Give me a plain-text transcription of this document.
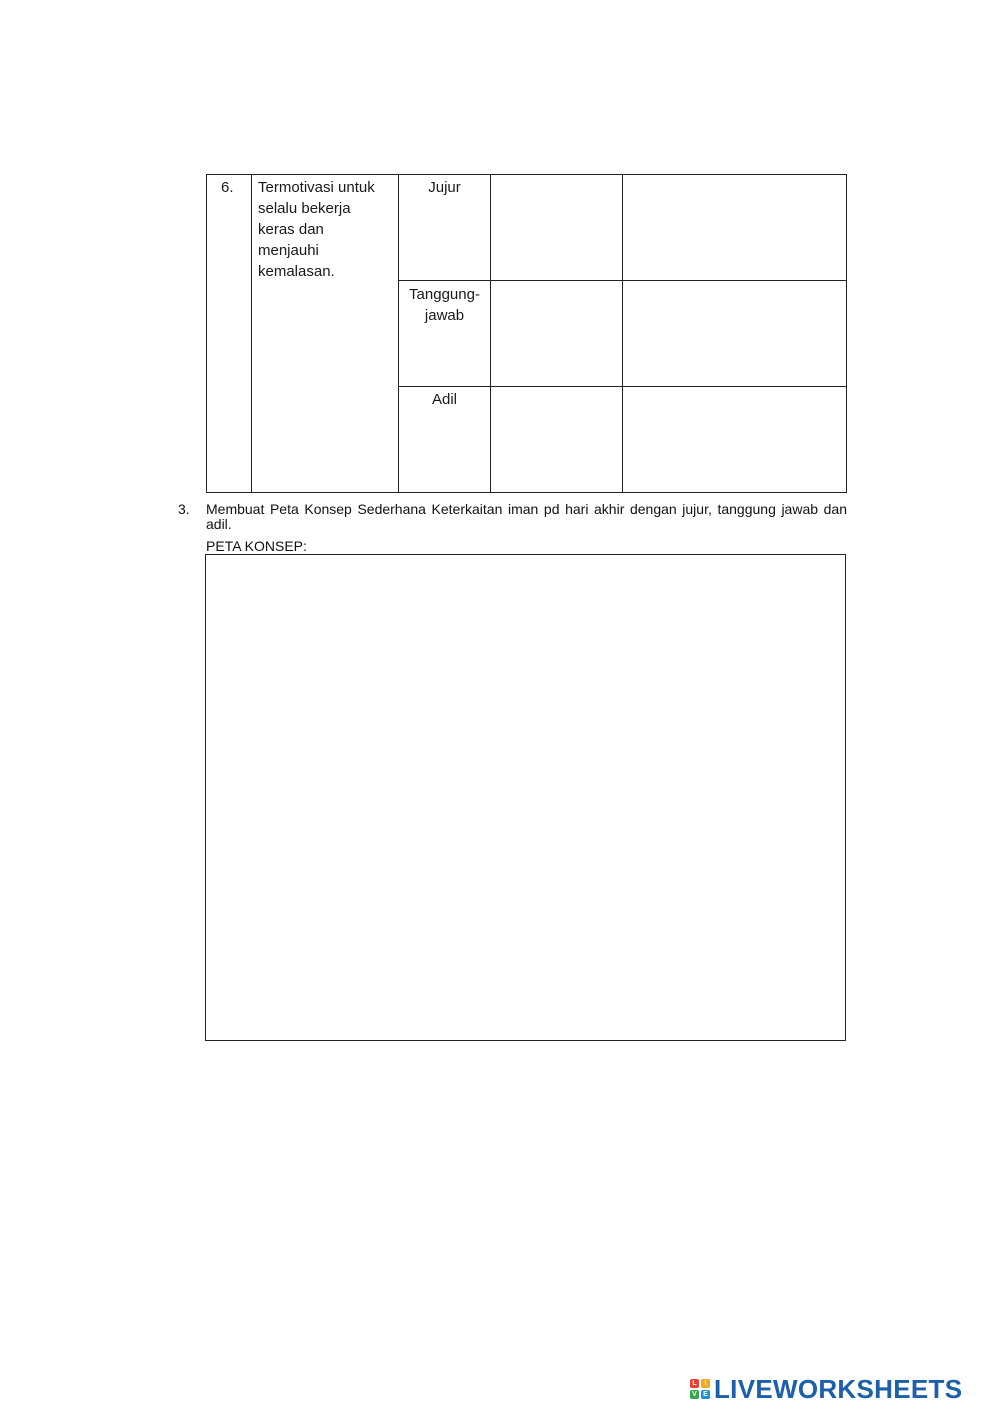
6. Termotivasi untuk
selalu bekerja
keras dan
menjauhi
kemalasan.
Jujur
Tanggung-
jawab
Adil
3. Membuat Peta Konsep Sederhana Keterkaitan iman pd hari akhir dengan jujur, tanggung jawab dan adil.
PETA KONSEP:
L	I
V E LIVEWORKSHEETS
